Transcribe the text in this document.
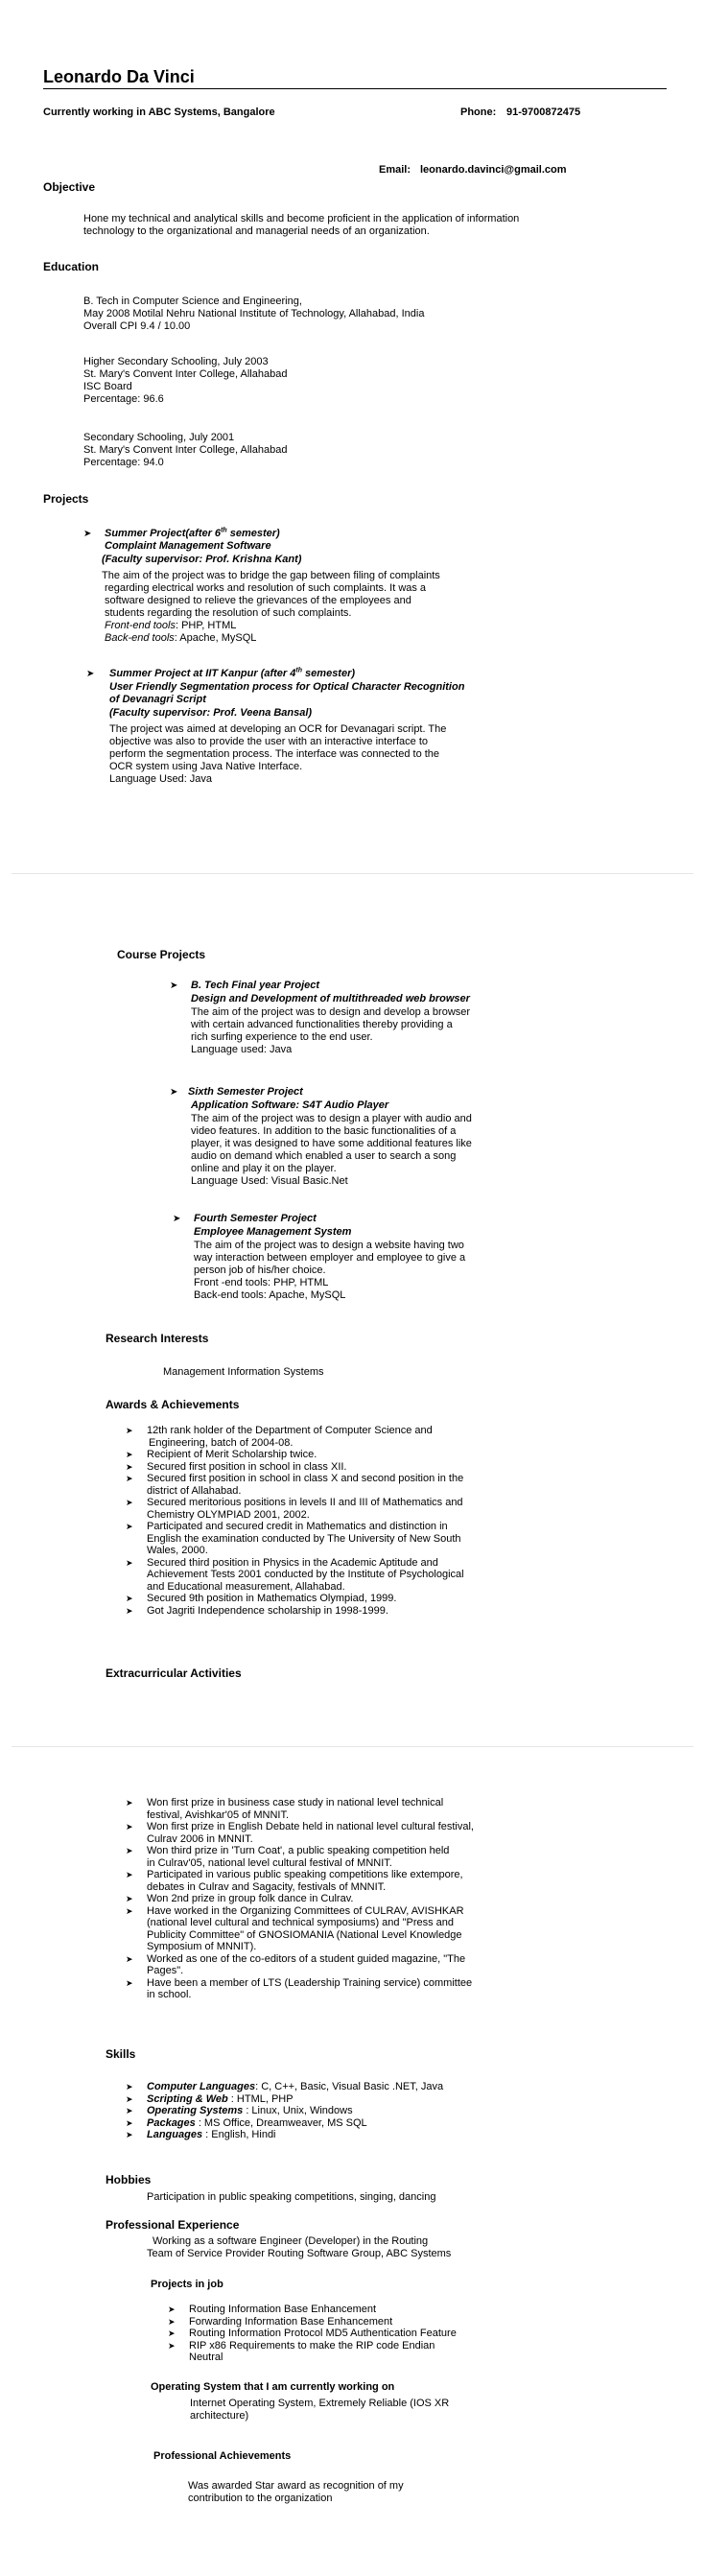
Leonardo Da Vinci
Currently working in ABC Systems, Bangalore	Phone: 91-9700872475
Email: leonardo.davinci@gmail.com
Objective
Hone my technical and analytical skills and become proficient in the application of information
technology to the organizational and managerial needs of an organization.
Education
B. Tech in Computer Science and Engineering,
May 2008 Motilal Nehru National Institute of Technology, Allahabad, India
Overall CPI 9.4 / 10.00
Higher Secondary Schooling, July 2003
St. Mary's Convent Inter College, Allahabad
ISC Board
Percentage: 96.6
Secondary Schooling, July 2001
St. Mary's Convent Inter College, Allahabad
Percentage: 94.0
Projects
➤ Summer Project(after 6th semester)
Complaint Management Software
(Faculty supervisor: Prof. Krishna Kant)
The aim of the project was to bridge the gap between filing of complaints
regarding electrical works and resolution of such complaints. It was a
software designed to relieve the grievances of the employees and
students regarding the resolution of such complaints.
Front-end tools: PHP, HTML
Back-end tools: Apache, MySQL
➤ Summer Project at IIT Kanpur (after 4th semester)
User Friendly Segmentation process for Optical Character Recognition
of Devanagri Script
(Faculty supervisor: Prof. Veena Bansal)
The project was aimed at developing an OCR for Devanagari script. The
objective was also to provide the user with an interactive interface to
perform the segmentation process. The interface was connected to the
OCR system using Java Native Interface.
Language Used: Java
Course Projects
➤ B. Tech Final year Project
Design and Development of multithreaded web browser
The aim of the project was to design and develop a browser
with certain advanced functionalities thereby providing a
rich surfing experience to the end user.
Language used: Java
➤ Sixth Semester Project
Application Software: S4T Audio Player
The aim of the project was to design a player with audio and
video features. In addition to the basic functionalities of a
player, it was designed to have some additional features like
audio on demand which enabled a user to search a song
online and play it on the player.
Language Used: Visual Basic.Net
➤ Fourth Semester Project
Employee Management System
The aim of the project was to design a website having two
way interaction between employer and employee to give a
person job of his/her choice.
Front -end tools: PHP, HTML
Back-end tools: Apache, MySQL
Research Interests
Management Information Systems
Awards & Achievements
➤ 12th rank holder of the Department of Computer Science and
Engineering, batch of 2004-08.
➤ Recipient of Merit Scholarship twice.
➤ Secured first position in school in class XII.
➤ Secured first position in school in class X and second position in the
district of Allahabad.
➤ Secured meritorious positions in levels II and III of Mathematics and
Chemistry OLYMPIAD 2001, 2002.
➤ Participated and secured credit in Mathematics and distinction in
English the examination conducted by The University of New South
Wales, 2000.
➤ Secured third position in Physics in the Academic Aptitude and
Achievement Tests 2001 conducted by the Institute of Psychological
and Educational measurement, Allahabad.
➤ Secured 9th position in Mathematics Olympiad, 1999.
➤ Got Jagriti Independence scholarship in 1998-1999.
Extracurricular Activities
➤ Won first prize in business case study in national level technical
festival, Avishkar'05 of MNNIT.
➤ Won first prize in English Debate held in national level cultural festival,
Culrav 2006 in MNNIT.
➤ Won third prize in 'Turn Coat', a public speaking competition held
in Culrav'05, national level cultural festival of MNNIT.
➤ Participated in various public speaking competitions like extempore,
debates in Culrav and Sagacity, festivals of MNNIT.
➤ Won 2nd prize in group folk dance in Culrav.
➤ Have worked in the Organizing Committees of CULRAV, AVISHKAR
(national level cultural and technical symposiums) and "Press and
Publicity Committee" of GNOSIOMANIA (National Level Knowledge
Symposium of MNNIT).
➤ Worked as one of the co-editors of a student guided magazine, "The
Pages".
➤ Have been a member of LTS (Leadership Training service) committee
in school.
Skills
➤ Computer Languages: C, C++, Basic, Visual Basic .NET, Java
➤ Scripting & Web : HTML, PHP
➤ Operating Systems : Linux, Unix, Windows
➤ Packages : MS Office, Dreamweaver, MS SQL
➤ Languages : English, Hindi
Hobbies
Participation in public speaking competitions, singing, dancing
Professional Experience
Working as a software Engineer (Developer) in the Routing
Team of Service Provider Routing Software Group, ABC Systems
Projects in job
➤ Routing Information Base Enhancement
➤ Forwarding Information Base Enhancement
➤ Routing Information Protocol MD5 Authentication Feature
➤ RIP x86 Requirements to make the RIP code Endian
Neutral
Operating System that I am currently working on
Internet Operating System, Extremely Reliable (IOS XR
architecture)
Professional Achievements
Was awarded Star award as recognition of my
contribution to the organization
